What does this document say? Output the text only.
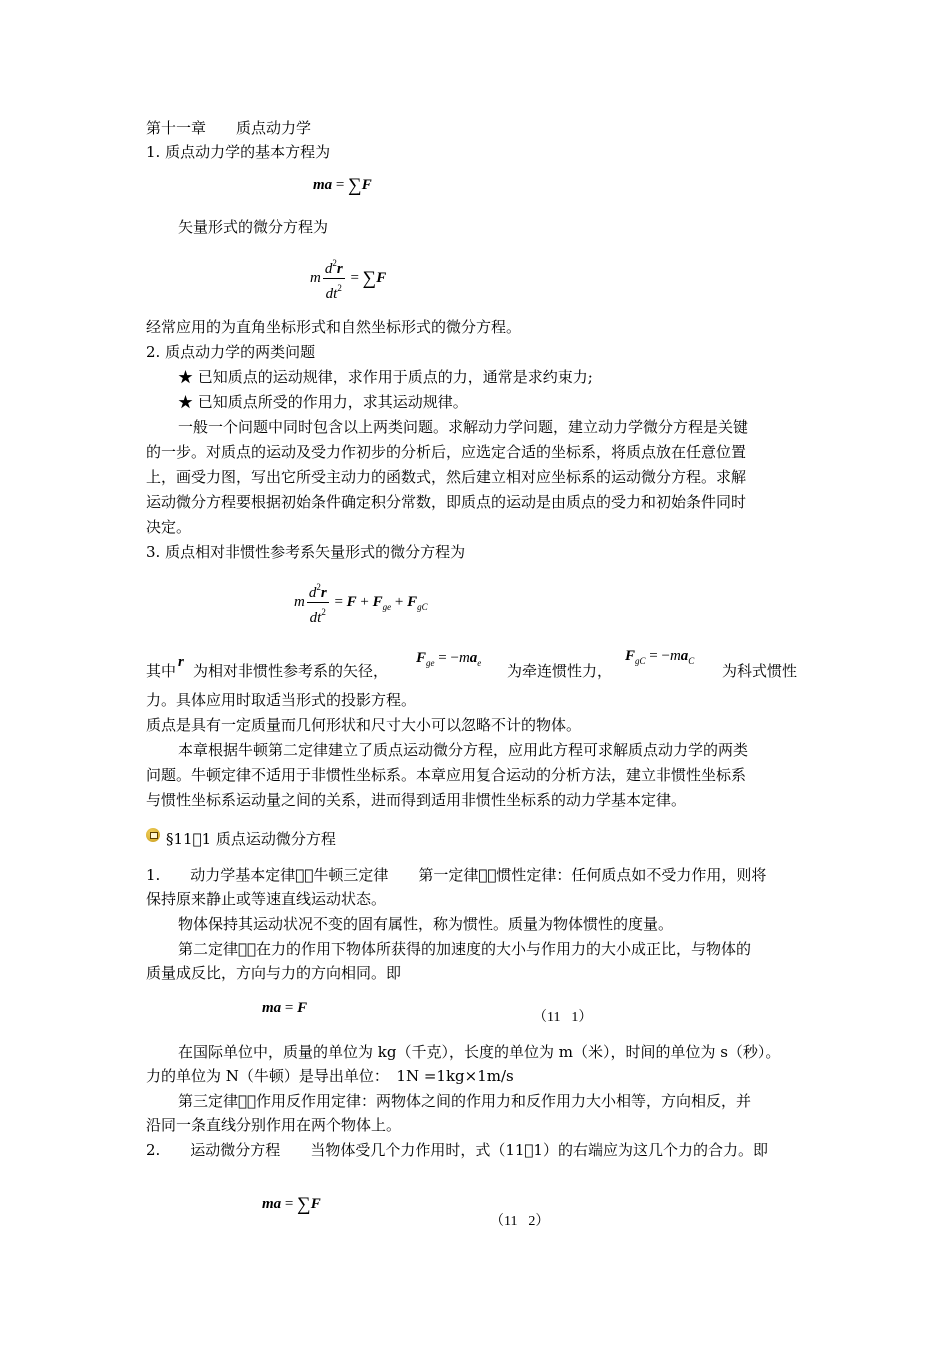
第十一章　　质点动力学
1. 质点动力学的基本方程为
ma = ∑F
矢量形式的微分方程为
m $\frac{d^2r}{dt^2} = \sum F$
经常应用的为直角坐标形式和自然坐标形式的微分方程。
2. 质点动力学的两类问题
★ 已知质点的运动规律，求作用于质点的力，通常是求约束力;
★ 已知质点所受的作用力，求其运动规律。
一般一个问题中同时包含以上两类问题。求解动力学问题，建立动力学微分方程是关键
的一步。对质点的运动及受力作初步的分析后，应选定合适的坐标系，将质点放在任意位置
上，画受力图，写出它所受主动力的函数式，然后建立相对应坐标系的运动微分方程。求解
运动微分方程要根据初始条件确定积分常数，即质点的运动是由质点的受力和初始条件同时
决定。
3. 质点相对非惯性参考系矢量形式的微分方程为
m $\frac{d^2r}{dt^2} = F + F_{ge} + F_{gC}$
其中 r 为相对非惯性参考系的矢径，
$F_{ge} = -ma_e$ 为牵连惯性力，
$F_{gC} = -ma_C$
为科式惯性
力。具体应用时取适当形式的投影方程。
质点是具有一定质量而几何形状和尺寸大小可以忽略不计的物体。
本章根据牛顿第二定律建立了质点运动微分方程，应用此方程可求解质点动力学的两类
问题。牛顿定律不适用于非惯性坐标系。本章应用复合运动的分析方法，建立非惯性坐标系
与惯性坐标系运动量之间的关系，进而得到适用非惯性坐标系的动力学基本定律。
§11 1 质点运动微分方程
1.　　动力学基本定律 牛顿三定律　　第一定律 惯性定律：任何质点如不受力作用，则将
保持原来静止或等速直线运动状态。
物体保持其运动状况不变的固有属性，称为惯性。质量为物体惯性的度量。
第二定律 在力的作用下物体所获得的加速度的大小与作用力的大小成正比，与物体的
质量成反比，方向与力的方向相同。即
ma = F
（11 1）
在国际单位中，质量的单位为 kg（千克），长度的单位为 m（米），时间的单位为 s（秒）。
力的单位为 N（牛顿）是导出单位：　1N =1kg×1m/s
第三定律 作用反作用定律：两物体之间的作用力和反作用力大小相等，方向相反，并
沿同一条直线分别作用在两个物体上。
2.　　运动微分方程　　当物体受几个力作用时，式（11 1）的右端应为这几个力的合力。即
ma = ∑F
（11 2）
